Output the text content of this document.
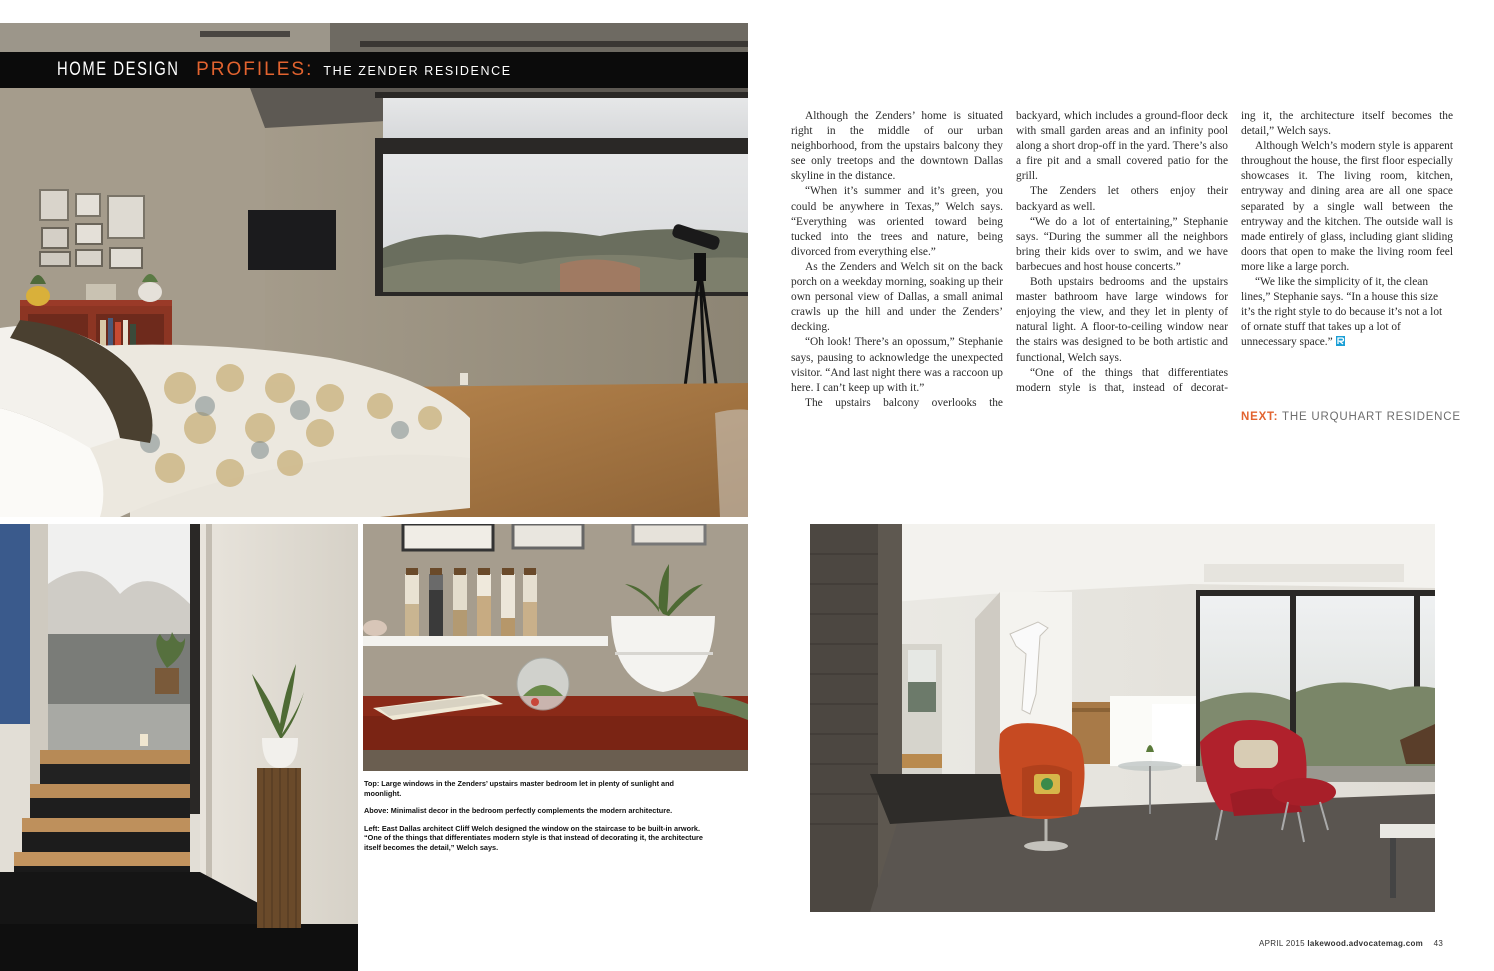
HOME DESIGN PROFILES: THE ZENDER RESIDENCE

Although the Zenders’ home is situated right in the middle of our urban neighborhood, from the upstairs balcony they see only treetops and the downtown Dallas skyline in the distance.

“When it’s summer and it’s green, you could be anywhere in Texas,” Welch says. “Everything was oriented toward being tucked into the trees and nature, being divorced from everything else.”

As the Zenders and Welch sit on the back porch on a weekday morning, soaking up their own personal view of Dallas, a small animal crawls up the hill and under the Zenders’ decking.

“Oh look! There’s an opossum,” Stephanie says, pausing to acknowledge the unexpected visitor. “And last night there was a raccoon up here. I can’t keep up with it.”

The upstairs balcony overlooks the

backyard, which includes a ground-floor deck with small garden areas and an infinity pool along a short drop-off in the yard. There’s also a fire pit and a small covered patio for the grill.

The Zenders let others enjoy their backyard as well.

“We do a lot of entertaining,” Stephanie says. “During the summer all the neighbors bring their kids over to swim, and we have barbecues and host house concerts.”

Both upstairs bedrooms and the upstairs master bathroom have large windows for enjoying the view, and they let in plenty of natural light. A floor-to-ceiling window near the stairs was designed to be both artistic and functional, Welch says.

“One of the things that differentiates modern style is that, instead of decorat-

ing it, the architecture itself becomes the detail,” Welch says.

Although Welch’s modern style is apparent throughout the house, the first floor especially showcases it. The living room, kitchen, entryway and dining area are all one space separated by a single wall between the entryway and the kitchen. The outside wall is made entirely of glass, including giant sliding doors that open to make the living room feel more like a large porch.

“We like the simplicity of it, the clean lines,” Stephanie says. “In a house this size it’s the right style to do because it’s not a lot of ornate stuff that takes up a lot of unnecessary space.”

NEXT: THE URQUHART RESIDENCE

Top: Large windows in the Zenders’ upstairs master bedroom let in plenty of sunlight and moonlight.

Above: Minimalist decor in the bedroom perfectly complements the modern architecture.

Left: East Dallas architect Cliff Welch designed the window on the staircase to be built-in arwork. “One of the things that differentiates modern style is that instead of decorating it, the architecture itself becomes the detail,” Welch says.

APRIL 2015 lakewood.advocatemag.com 43
